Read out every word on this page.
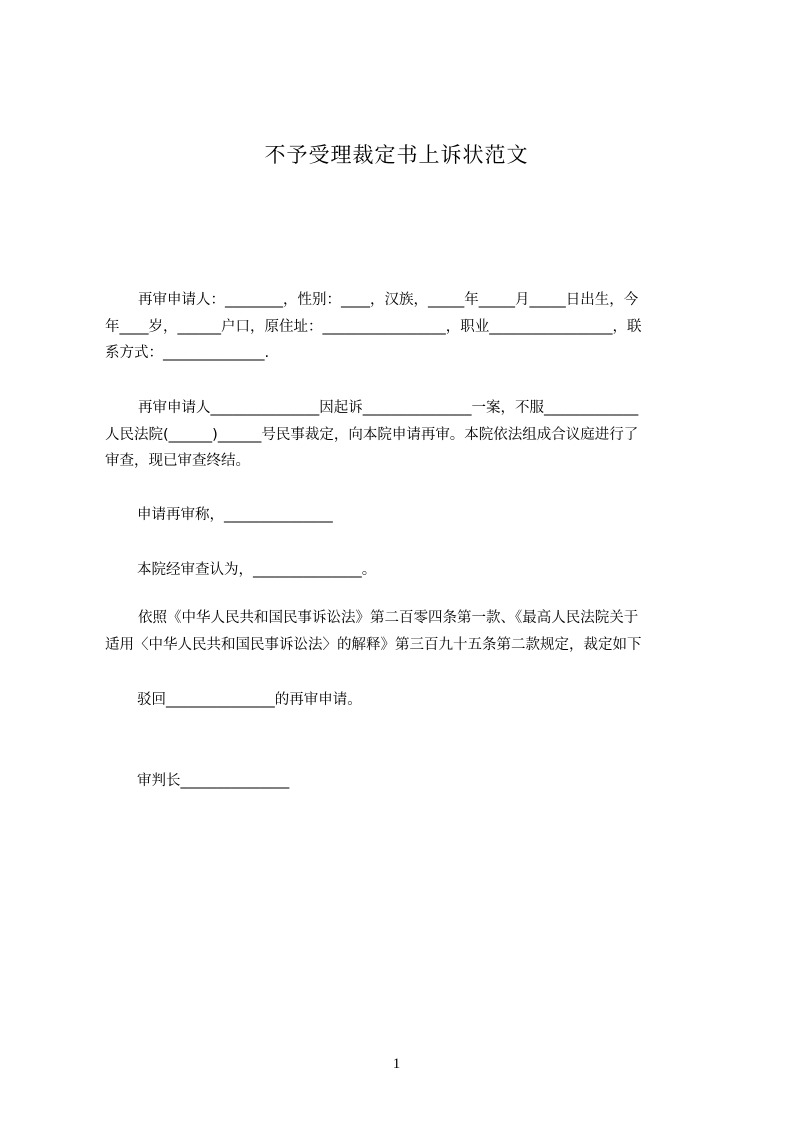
不予受理裁定书上诉状范文
再审申请人：________，性别：____，汉族，_____年_____月_____日出生，今
年____岁，______户口，原住址：_________________，职业_________________，联
系方式：______________.
再审申请人_______________因起诉_______________一案，不服_____________
人民法院(______)______号民事裁定，向本院申请再审。本院依法组成合议庭进行了
审查，现已审查终结。
申请再审称，_______________
本院经审查认为，_______________。
依照《中华人民共和国民事诉讼法》第二百零四条第一款、《最高人民法院关于
适用〈中华人民共和国民事诉讼法〉的解释》第三百九十五条第二款规定，裁定如下
驳回_______________的再审申请。
审判长_______________
1
